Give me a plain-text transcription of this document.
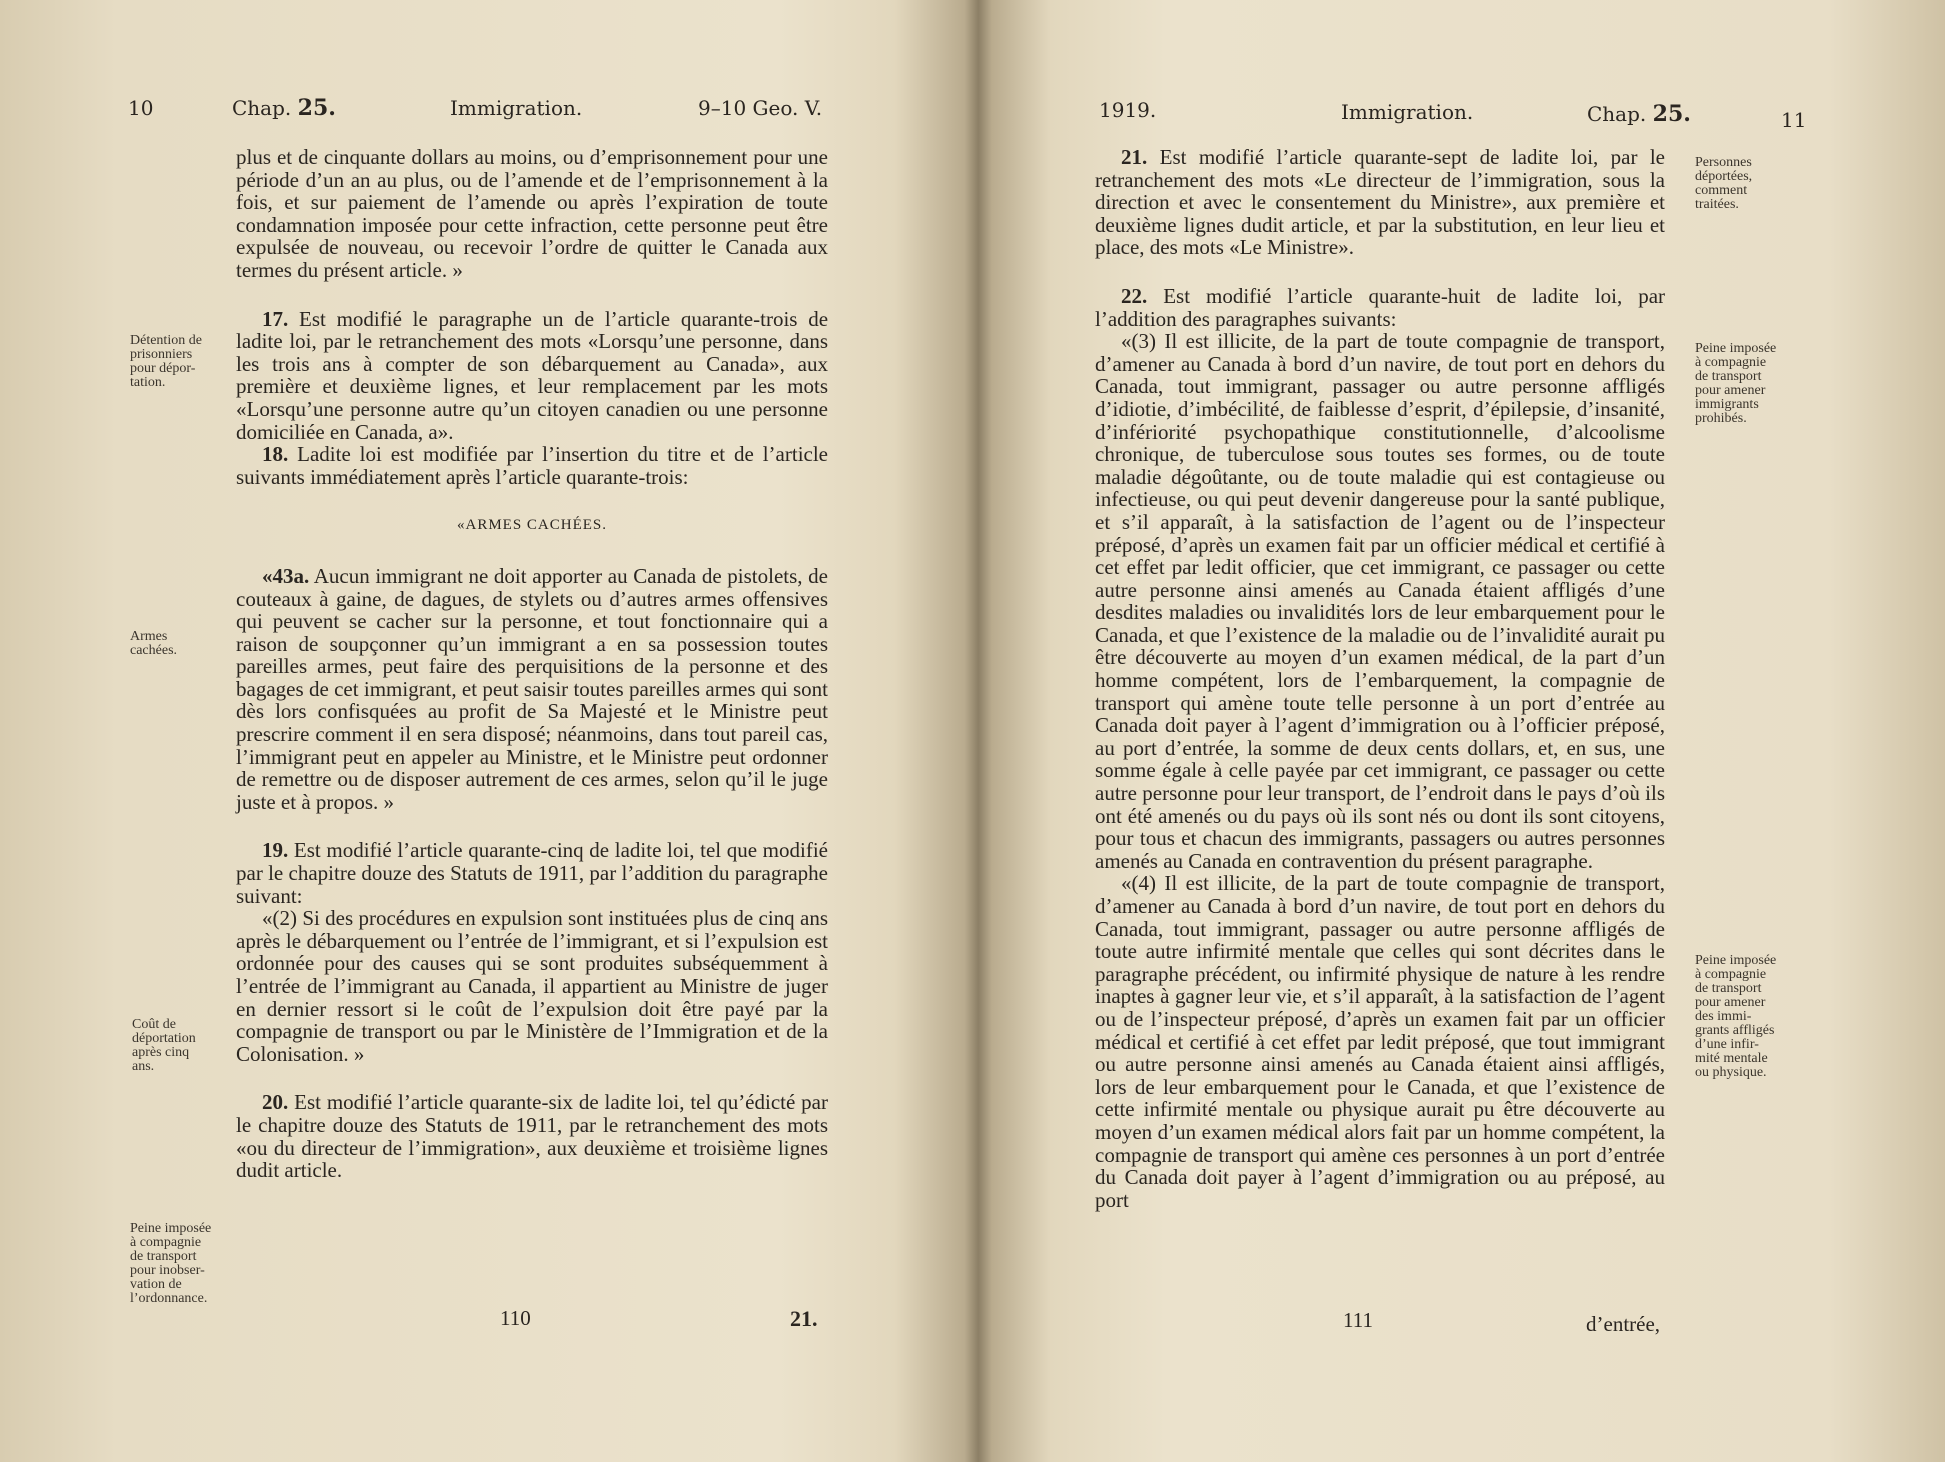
10	Chap. 25.	Immigration.	9–10 Geo. V.

plus et de cinquante dollars au moins, ou d’emprisonnement pour une période d’un an au plus, ou de l’amende et de l’emprisonnement à la fois, et sur paiement de l’amende ou après l’expiration de toute condamnation imposée pour cette infraction, cette personne peut être expulsée de nouveau, ou recevoir l’ordre de quitter le Canada aux termes du présent article. »

17. Est modifié le paragraphe un de l’article quarante-trois de ladite loi, par le retranchement des mots «Lorsqu’une personne, dans les trois ans à compter de son débarquement au Canada», aux première et deuxième lignes, et leur remplacement par les mots «Lorsqu’une personne autre qu’un citoyen canadien ou une personne domiciliée en Canada, a».

18. Ladite loi est modifiée par l’insertion du titre et de l’article suivants immédiatement après l’article quarante-trois:

«ARMES CACHÉES.

«43a. Aucun immigrant ne doit apporter au Canada de pistolets, de couteaux à gaine, de dagues, de stylets ou d’autres armes offensives qui peuvent se cacher sur la personne, et tout fonctionnaire qui a raison de soupçonner qu’un immigrant a en sa possession toutes pareilles armes, peut faire des perquisitions de la personne et des bagages de cet immigrant, et peut saisir toutes pareilles armes qui sont dès lors confisquées au profit de Sa Majesté et le Ministre peut prescrire comment il en sera disposé; néanmoins, dans tout pareil cas, l’immigrant peut en appeler au Ministre, et le Ministre peut ordonner de remettre ou de disposer autrement de ces armes, selon qu’il le juge juste et à propos. »

19. Est modifié l’article quarante-cinq de ladite loi, tel que modifié par le chapitre douze des Statuts de 1911, par l’addition du paragraphe suivant:

«(2) Si des procédures en expulsion sont instituées plus de cinq ans après le débarquement ou l’entrée de l’immigrant, et si l’expulsion est ordonnée pour des causes qui se sont produites subséquemment à l’entrée de l’immigrant au Canada, il appartient au Ministre de juger en dernier ressort si le coût de l’expulsion doit être payé par la compagnie de transport ou par le Ministère de l’Immigration et de la Colonisation. »

20. Est modifié l’article quarante-six de ladite loi, tel qu’édicté par le chapitre douze des Statuts de 1911, par le retranchement des mots «ou du directeur de l’immigration», aux deuxième et troisième lignes dudit article.

Détention de
prisonniers
pour dépor-
tation.
Armes
cachées.
Coût de
déportation
après cinq
ans.
Peine imposée
à compagnie
de transport
pour inobser-
vation de
l’ordonnance.
110	21.
1919.	Immigration.	Chap. 25.	11

21. Est modifié l’article quarante-sept de ladite loi, par le retranchement des mots «Le directeur de l’immigration, sous la direction et avec le consentement du Ministre», aux première et deuxième lignes dudit article, et par la substitution, en leur lieu et place, des mots «Le Ministre».

22. Est modifié l’article quarante-huit de ladite loi, par l’addition des paragraphes suivants:

«(3) Il est illicite, de la part de toute compagnie de transport, d’amener au Canada à bord d’un navire, de tout port en dehors du Canada, tout immigrant, passager ou autre personne affligés d’idiotie, d’imbécilité, de faiblesse d’esprit, d’épilepsie, d’insanité, d’infériorité psychopathique constitutionnelle, d’alcoolisme chronique, de tuberculose sous toutes ses formes, ou de toute maladie dégoûtante, ou de toute maladie qui est contagieuse ou infectieuse, ou qui peut devenir dangereuse pour la santé publique, et s’il apparaît, à la satisfaction de l’agent ou de l’inspecteur préposé, d’après un examen fait par un officier médical et certifié à cet effet par ledit officier, que cet immigrant, ce passager ou cette autre personne ainsi amenés au Canada étaient affligés d’une desdites maladies ou invalidités lors de leur embarquement pour le Canada, et que l’existence de la maladie ou de l’invalidité aurait pu être découverte au moyen d’un examen médical, de la part d’un homme compétent, lors de l’embarquement, la compagnie de transport qui amène toute telle personne à un port d’entrée au Canada doit payer à l’agent d’immigration ou à l’officier préposé, au port d’entrée, la somme de deux cents dollars, et, en sus, une somme égale à celle payée par cet immigrant, ce passager ou cette autre personne pour leur transport, de l’endroit dans le pays d’où ils ont été amenés ou du pays où ils sont nés ou dont ils sont citoyens, pour tous et chacun des immigrants, passagers ou autres personnes amenés au Canada en contravention du présent paragraphe.

«(4) Il est illicite, de la part de toute compagnie de transport, d’amener au Canada à bord d’un navire, de tout port en dehors du Canada, tout immigrant, passager ou autre personne affligés de toute autre infirmité mentale que celles qui sont décrites dans le paragraphe précédent, ou infirmité physique de nature à les rendre inaptes à gagner leur vie, et s’il apparaît, à la satisfaction de l’agent ou de l’inspecteur préposé, d’après un examen fait par un officier médical et certifié à cet effet par ledit préposé, que tout immigrant ou autre personne ainsi amenés au Canada étaient ainsi affligés, lors de leur embarquement pour le Canada, et que l’existence de cette infirmité mentale ou physique aurait pu être découverte au moyen d’un examen médical alors fait par un homme compétent, la compagnie de transport qui amène ces personnes à un port d’entrée du Canada doit payer à l’agent d’immigration ou au préposé, au port

Personnes
déportées,
comment
traitées.
Peine imposée
à compagnie
de transport
pour amener
immigrants
prohibés.
Peine imposée
à compagnie
de transport
pour amener
des immi-
grants affligés
d’une infir-
mité mentale
ou physique.
111	d’entrée,
